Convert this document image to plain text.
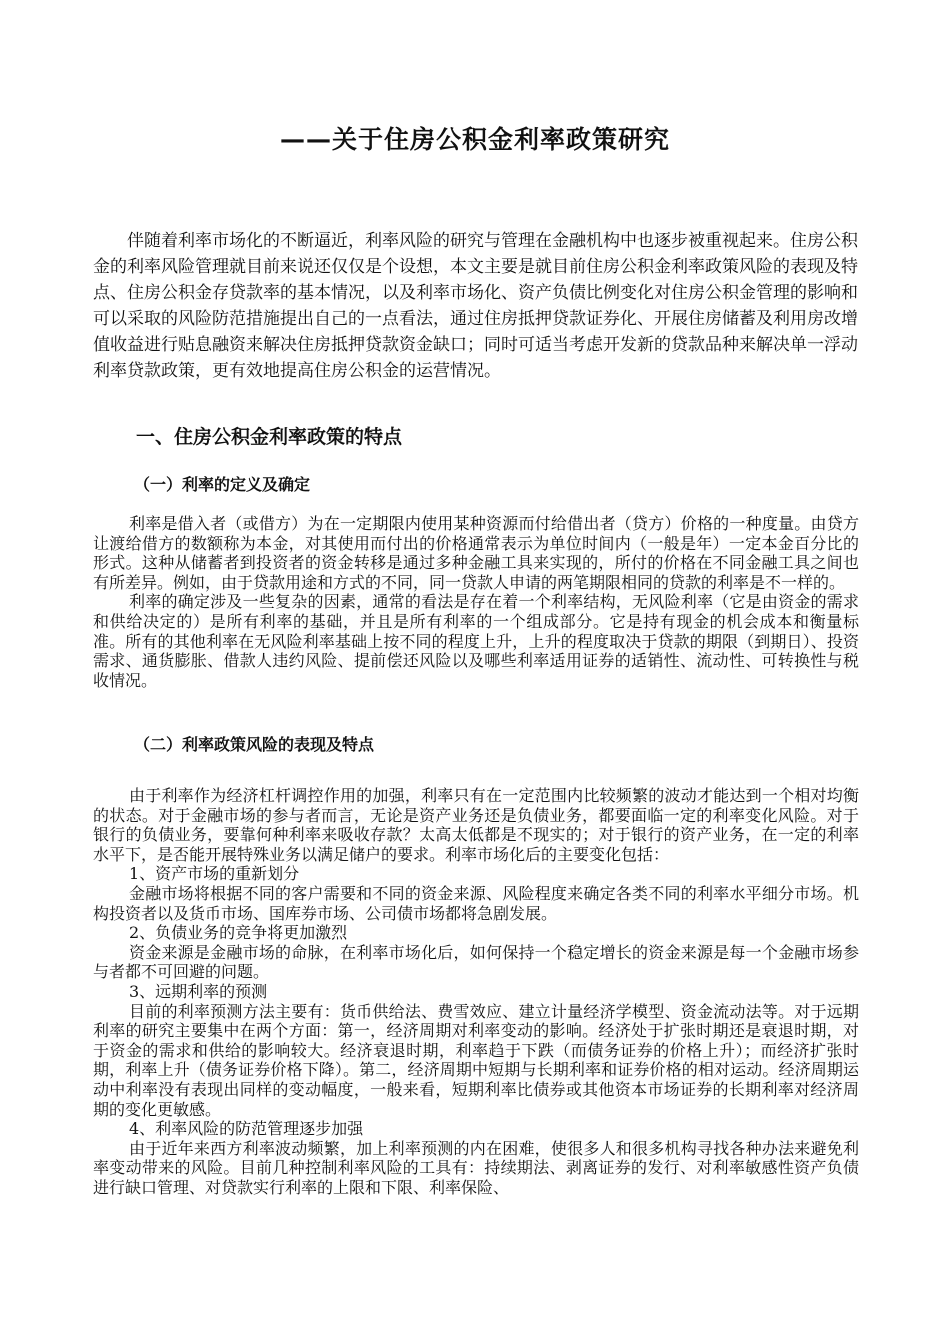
——关于住房公积金利率政策研究

伴随着利率市场化的不断逼近，利率风险的研究与管理在金融机构中也逐步被重视起来。住房公积金的利率风险管理就目前来说还仅仅是个设想，本文主要是就目前住房公积金利率政策风险的表现及特点、住房公积金存贷款率的基本情况，以及利率市场化、资产负债比例变化对住房公积金管理的影响和可以采取的风险防范措施提出自己的一点看法，通过住房抵押贷款证券化、开展住房储蓄及利用房改增值收益进行贴息融资来解决住房抵押贷款资金缺口；同时可适当考虑开发新的贷款品种来解决单一浮动利率贷款政策，更有效地提高住房公积金的运营情况。

一、住房公积金利率政策的特点
（一）利率的定义及确定

利率是借入者（或借方）为在一定期限内使用某种资源而付给借出者（贷方）价格的一种度量。由贷方让渡给借方的数额称为本金，对其使用而付出的价格通常表示为单位时间内（一般是年）一定本金百分比的形式。这种从储蓄者到投资者的资金转移是通过多种金融工具来实现的，所付的价格在不同金融工具之间也有所差异。例如，由于贷款用途和方式的不同，同一贷款人申请的两笔期限相同的贷款的利率是不一样的。

利率的确定涉及一些复杂的因素，通常的看法是存在着一个利率结构，无风险利率（它是由资金的需求和供给决定的）是所有利率的基础，并且是所有利率的一个组成部分。它是持有现金的机会成本和衡量标准。所有的其他利率在无风险利率基础上按不同的程度上升，上升的程度取决于贷款的期限（到期日）、投资需求、通货膨胀、借款人违约风险、提前偿还风险以及哪些利率适用证券的适销性、流动性、可转换性与税收情况。

（二）利率政策风险的表现及特点

由于利率作为经济杠杆调控作用的加强，利率只有在一定范围内比较频繁的波动才能达到一个相对均衡的状态。对于金融市场的参与者而言，无论是资产业务还是负债业务，都要面临一定的利率变化风险。对于银行的负债业务，要靠何种利率来吸收存款？太高太低都是不现实的；对于银行的资产业务，在一定的利率水平下，是否能开展特殊业务以满足储户的要求。利率市场化后的主要变化包括：

1、资产市场的重新划分

金融市场将根据不同的客户需要和不同的资金来源、风险程度来确定各类不同的利率水平细分市场。机构投资者以及货币市场、国库券市场、公司债市场都将急剧发展。

2、负债业务的竞争将更加激烈

资金来源是金融市场的命脉，在利率市场化后，如何保持一个稳定增长的资金来源是每一个金融市场参与者都不可回避的问题。

3、远期利率的预测

目前的利率预测方法主要有：货币供给法、费雪效应、建立计量经济学模型、资金流动法等。对于远期利率的研究主要集中在两个方面：第一，经济周期对利率变动的影响。经济处于扩张时期还是衰退时期，对于资金的需求和供给的影响较大。经济衰退时期，利率趋于下跌（而债务证券的价格上升）；而经济扩张时期，利率上升（债务证券价格下降）。第二，经济周期中短期与长期利率和证券价格的相对运动。经济周期运动中利率没有表现出同样的变动幅度，一般来看，短期利率比债券或其他资本市场证券的长期利率对经济周期的变化更敏感。

4、利率风险的防范管理逐步加强

由于近年来西方利率波动频繁，加上利率预测的内在困难，使很多人和很多机构寻找各种办法来避免利率变动带来的风险。目前几种控制利率风险的工具有：持续期法、剥离证券的发行、对利率敏感性资产负债进行缺口管理、对贷款实行利率的上限和下限、利率保险、
